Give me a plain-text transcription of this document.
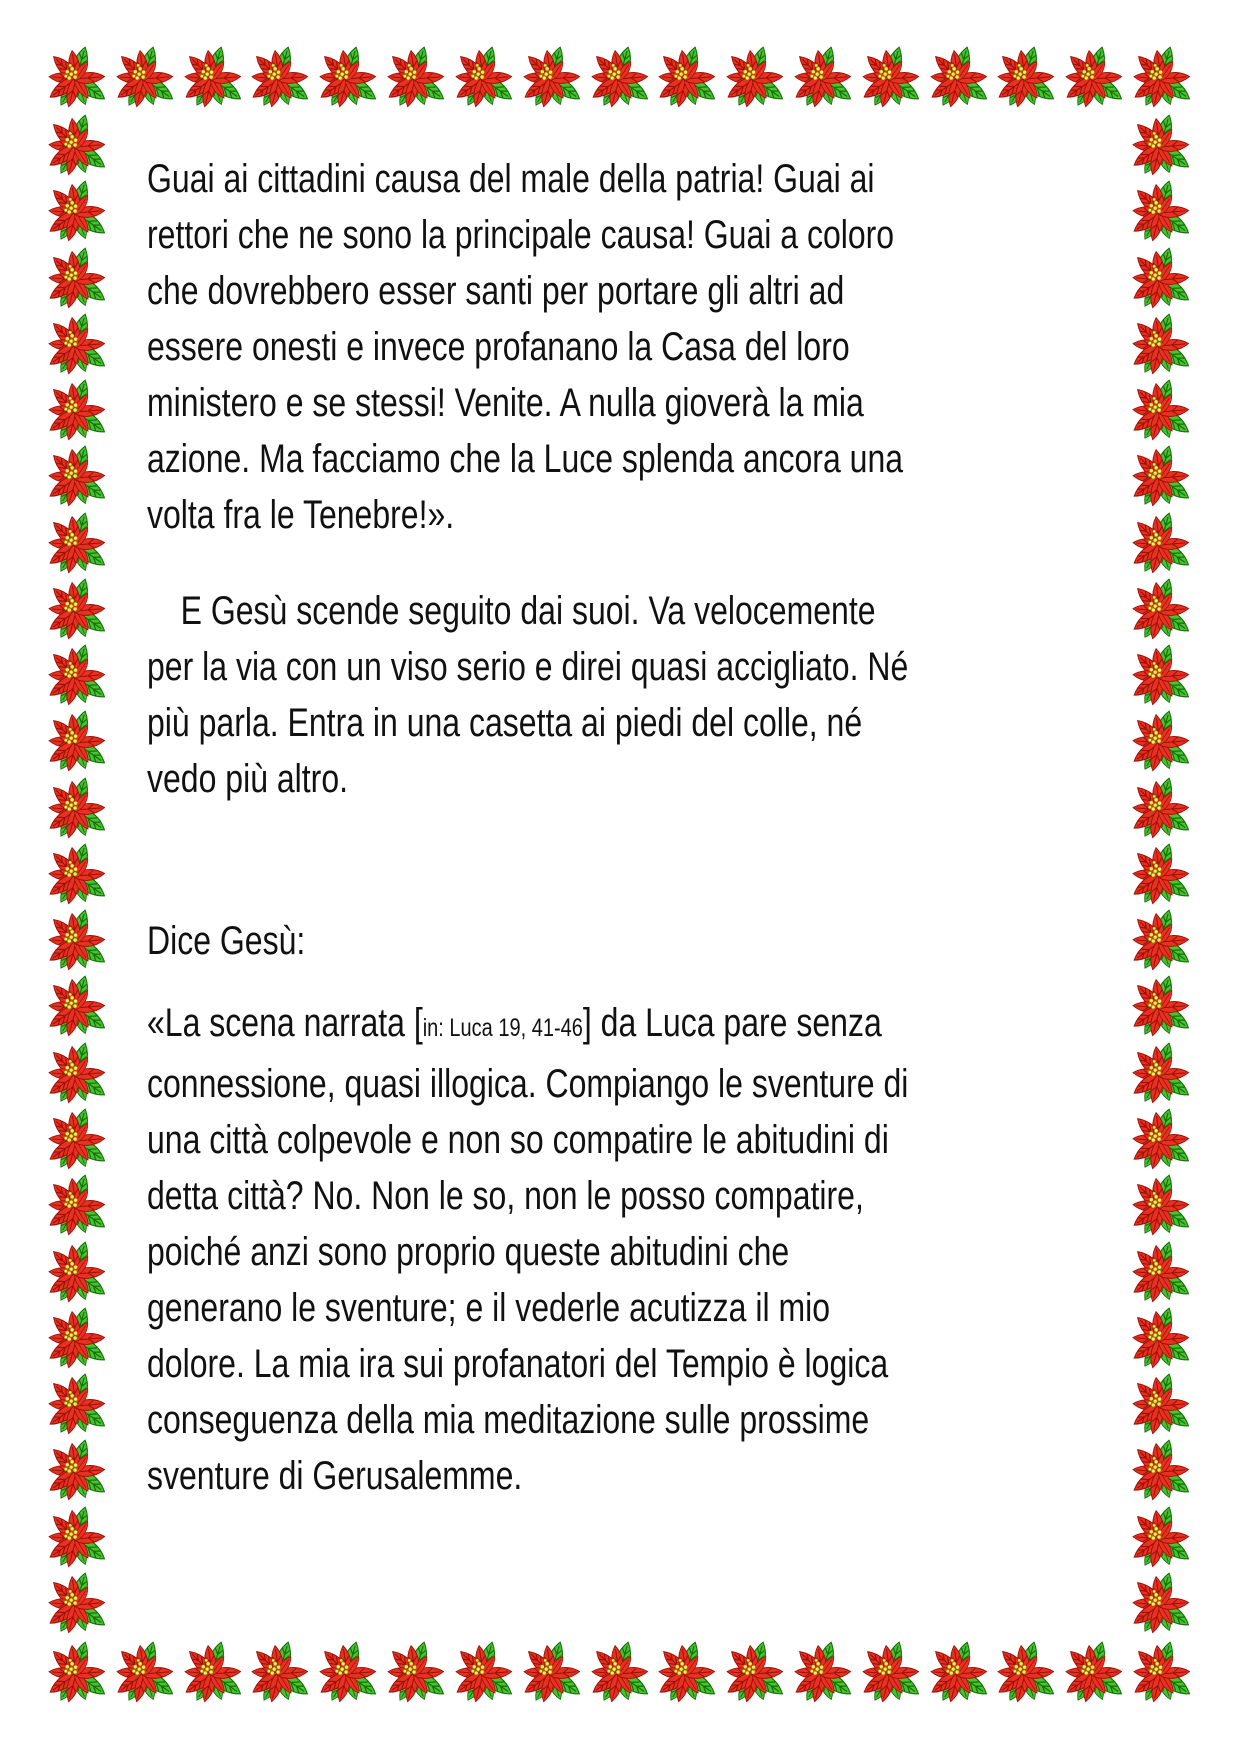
Guai ai cittadini causa del male della patria! Guai ai
rettori che ne sono la principale causa! Guai a coloro
che dovrebbero esser santi per portare gli altri ad
essere onesti e invece profanano la Casa del loro
ministero e se stessi! Venite. A nulla gioverà la mia
azione. Ma facciamo che la Luce splenda ancora una
volta fra le Tenebre!».

E Gesù scende seguito dai suoi. Va velocemente
per la via con un viso serio e direi quasi accigliato. Né
più parla. Entra in una casetta ai piedi del colle, né
vedo più altro.

Dice Gesù:

«La scena narrata [in: Luca 19, 41-46] da Luca pare senza
connessione, quasi illogica. Compiango le sventure di
una città colpevole e non so compatire le abitudini di
detta città? No. Non le so, non le posso compatire,
poiché anzi sono proprio queste abitudini che
generano le sventure; e il vederle acutizza il mio
dolore. La mia ira sui profanatori del Tempio è logica
conseguenza della mia meditazione sulle prossime
sventure di Gerusalemme.
